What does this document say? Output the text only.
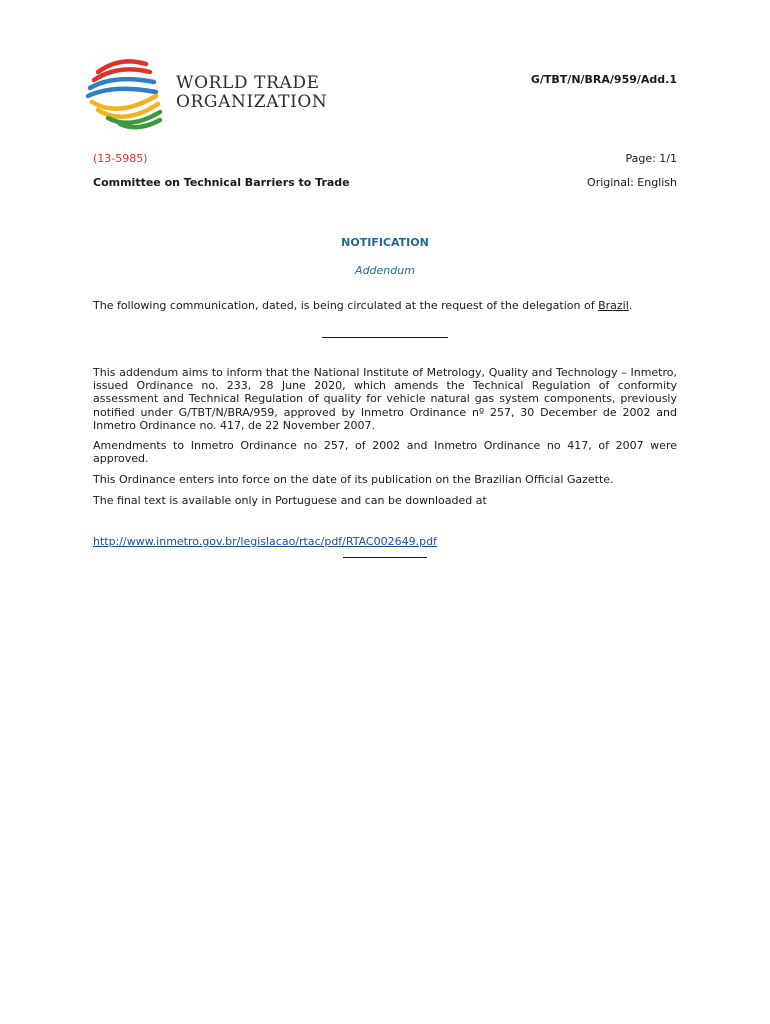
WORLD TRADE
ORGANIZATION
G/TBT/N/BRA/959/Add.1
(13-5985)	Page: 1/1
Committee on Technical Barriers to Trade	Original: English
NOTIFICATION
Addendum
The following communication, dated, is being circulated at the request of the delegation of Brazil.
This addendum aims to inform that the National Institute of Metrology, Quality and Technology – Inmetro, issued Ordinance no. 233, 28 June 2020, which amends the Technical Regulation of conformity assessment and Technical Regulation of quality for vehicle natural gas system components, previously notified under G/TBT/N/BRA/959, approved by Inmetro Ordinance nº 257, 30 December de 2002 and Inmetro Ordinance no. 417, de 22 November 2007.
Amendments to Inmetro Ordinance no 257, of 2002 and Inmetro Ordinance no 417, of 2007 were approved.
This Ordinance enters into force on the date of its publication on the Brazilian Official Gazette.
The final text is available only in Portuguese and can be downloaded at
http://www.inmetro.gov.br/legislacao/rtac/pdf/RTAC002649.pdf
